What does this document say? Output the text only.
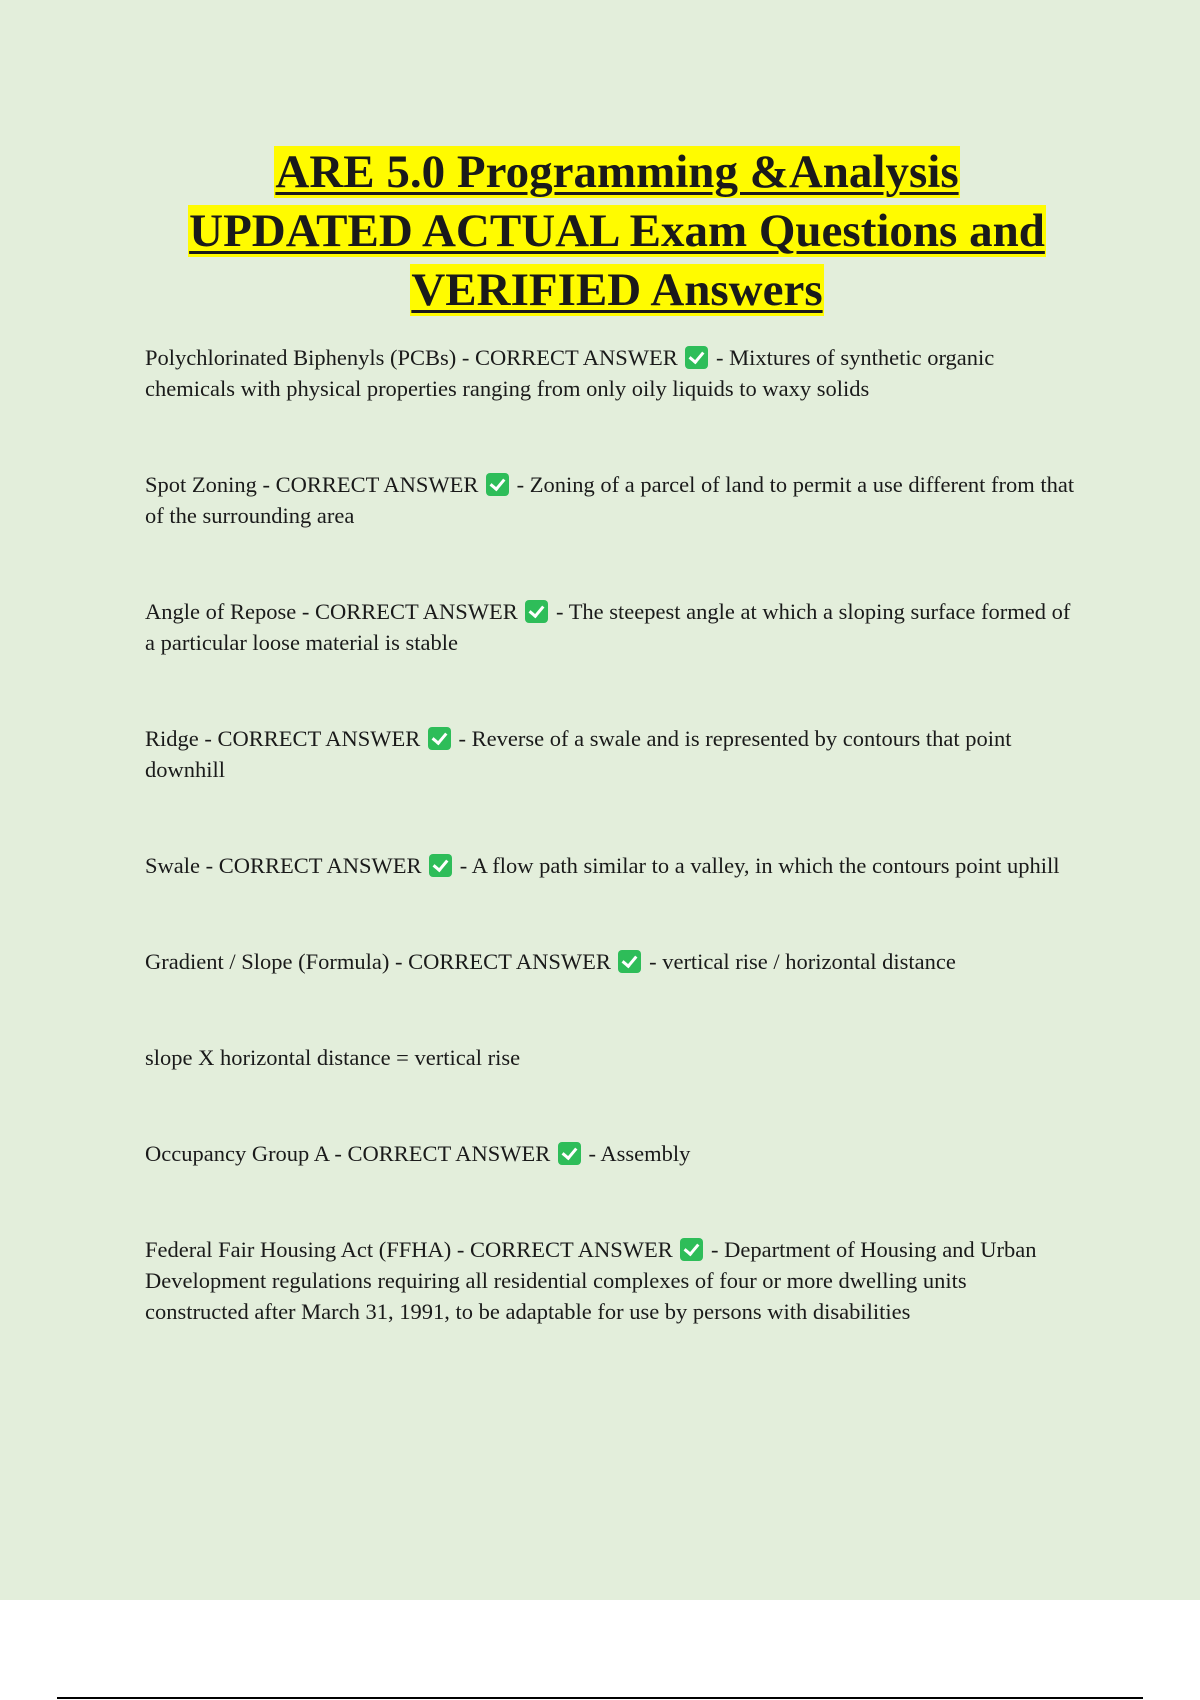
ARE 5.0 Programming &Analysis
UPDATED ACTUAL Exam Questions and
VERIFIED Answers

Polychlorinated Biphenyls (PCBs) - CORRECT ANSWER  - Mixtures of synthetic organic chemicals with physical properties ranging from only oily liquids to waxy solids

Spot Zoning - CORRECT ANSWER  - Zoning of a parcel of land to permit a use different from that of the surrounding area

Angle of Repose - CORRECT ANSWER  - The steepest angle at which a sloping surface formed of a particular loose material is stable

Ridge - CORRECT ANSWER  - Reverse of a swale and is represented by contours that point downhill

Swale - CORRECT ANSWER  - A flow path similar to a valley, in which the contours point uphill

Gradient / Slope (Formula) - CORRECT ANSWER  - vertical rise / horizontal distance

slope X horizontal distance = vertical rise

Occupancy Group A - CORRECT ANSWER  - Assembly

Federal Fair Housing Act (FFHA) - CORRECT ANSWER  - Department of Housing and Urban Development regulations requiring all residential complexes of four or more dwelling units constructed after March 31, 1991, to be adaptable for use by persons with disabilities
